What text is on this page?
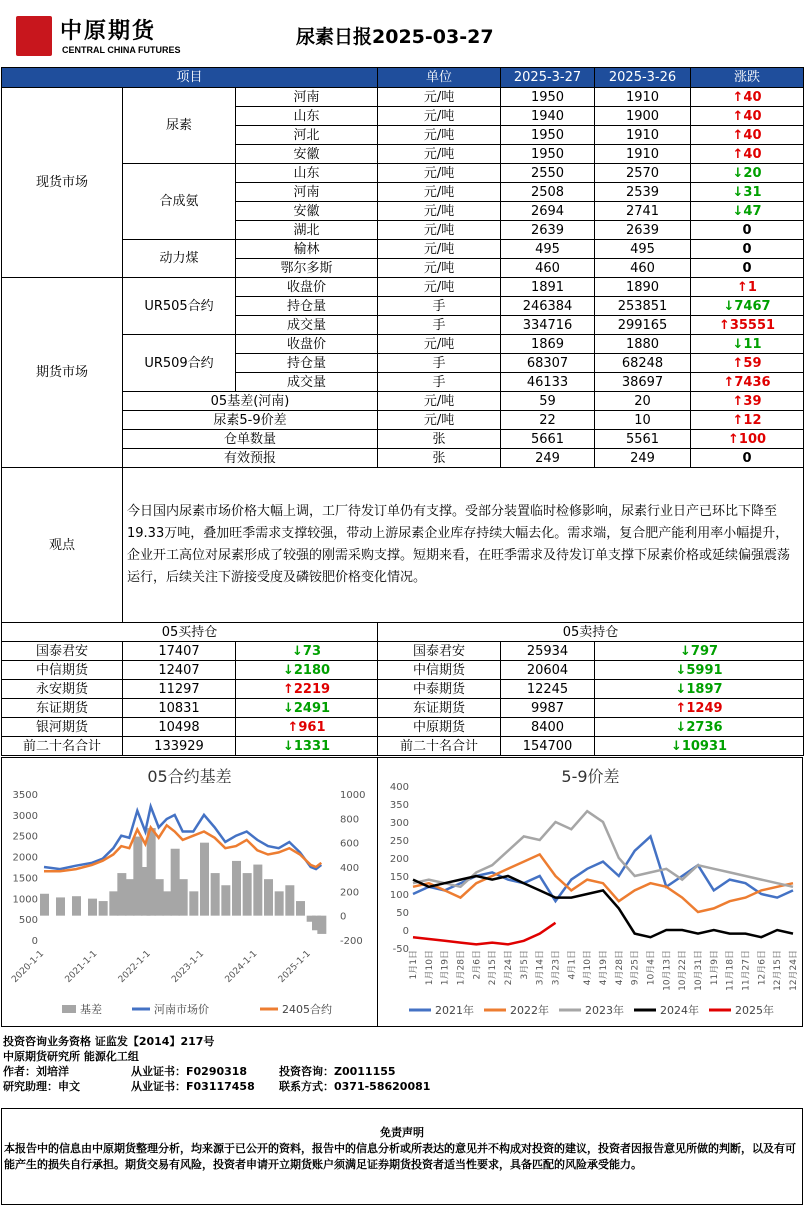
中原期货
CENTRAL CHINA FUTURES
尿素日报2025-03-27
项目			单位	2025-3-27	2025-3-26	涨跌
现货市场	尿素	河南	元/吨	1950	1910	↑40
		山东	元/吨	1940	1900	↑40
		河北	元/吨	1950	1910	↑40
		安徽	元/吨	1950	1910	↑40
	合成氨	山东	元/吨	2550	2570	↓20
		河南	元/吨	2508	2539	↓31
		安徽	元/吨	2694	2741	↓47
		湖北	元/吨	2639	2639	0
	动力煤	榆林	元/吨	495	495	0
		鄂尔多斯	元/吨	460	460	0
期货市场	UR505合约	收盘价	元/吨	1891	1890	↑1
		持仓量	手	246384	253851	↓7467
		成交量	手	334716	299165	↑35551
	UR509合约	收盘价	元/吨	1869	1880	↓11
		持仓量	手	68307	68248	↑59
		成交量	手	46133	38697	↑7436
	05基差(河南)		元/吨	59	20	↑39
	尿素5-9价差		元/吨	22	10	↑12
	仓单数量		张	5661	5561	↑100
	有效预报		张	249	249	0
观点	今日国内尿素市场价格大幅上调，工厂待发订单仍有支撑。受部分装置临时检修影响，尿素行业日产已环比下降至19.33万吨，叠加旺季需求支撑较强，带动上游尿素企业库存持续大幅去化。需求端，复合肥产能利用率小幅提升，企业开工高位对尿素形成了较强的刚需采购支撑。短期来看，在旺季需求及待发订单支撑下尿素价格或延续偏强震荡运行，后续关注下游接受度及磷铵肥价格变化情况。					
05买持仓			05卖持仓		
国泰君安	17407	↓73	国泰君安	25934	↓797
中信期货	12407	↓2180	中信期货	20604	↓5991
永安期货	11297	↑2219	中泰期货	12245	↓1897
东证期货	10831	↓2491	东证期货	9987	↑1249
银河期货	10498	↑961	中原期货	8400	↓2736
前二十名合计	133929	↓1331	前二十名合计	154700	↓10931
05合约基差
0
500
1000
1500
2000
2500
3000
3500
-200
0
200
400
600
800
1000
2020-1-1 2021-1-1 2022-1-1 2023-1-1 2024-1-1 2025-1-1
基差	河南市场价	2405合约
5-9价差
-50
0
50
100
150
200
250
300
350
400
1月1日 1月10日 1月19日 1月28日 2月6日 2月15日 2月24日 3月5日 3月14日 3月23日 4月1日 4月10日 4月19日 4月28日 9月25日 10月4日 10月13日 10月22日 10月31日 11月9日 11月18日 11月27日 12月6日 12月15日 12月24日
2021年	2022年	2023年	2024年	2025年
投资咨询业务资格 证监发【2014】217号
中原期货研究所 能源化工组
作者：刘培洋	从业证书：F0290318	投资咨询：Z0011155
研究助理：申文	从业证书：F03117458 联系方式：0371-58620081
免责声明
本报告中的信息由中原期货整理分析，均来源于已公开的资料，报告中的信息分析或所表达的意见并不构成对投资的建议，投资者因报告意见所做的判断，以及有可能产生的损失自行承担。期货交易有风险，投资者申请开立期货账户须满足证券期货投资者适当性要求，具备匹配的风险承受能力。
